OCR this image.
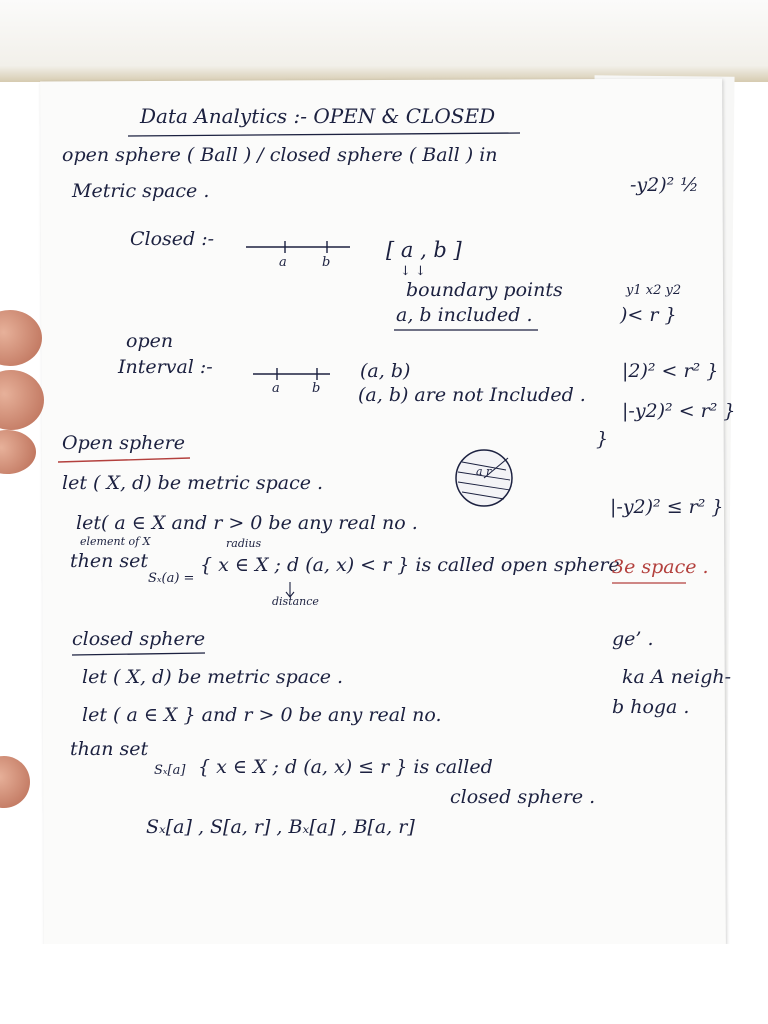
Data Analytics :- OPEN & CLOSED
open sphere ( Ball ) / closed sphere ( Ball ) in
Metric space .
Closed :-
a	b
[ a , b ]
↓ ↓
boundary points
a, b included .
open
Interval :-
a b
(a, b)
(a, b) are not Included .
Open sphere
let ( X, d) be metric space .
let( a ∈ X and r > 0 be any real no .
element of X	radius
then set
Sₓ(a) =
{ x ∈ X ; d (a, x) < r } is called open sphere
distance
a r
closed sphere
let ( X, d) be metric space .
let ( a ∈ X } and r > 0 be any real no.
than set
Sₓ[a] { x ∈ X ; d (a, x) ≤ r } is called
closed sphere .
Sₓ[a] , S[a, r] , Bₓ[a] , B[a, r]
-y2)² ½
y1 x2 y2
)< r }
|2)² < r² }
|-y2)² < r² }
}
|-y2)² ≤ r² }
3e space .
ge’ .
ka A neigh-
b hoga .
